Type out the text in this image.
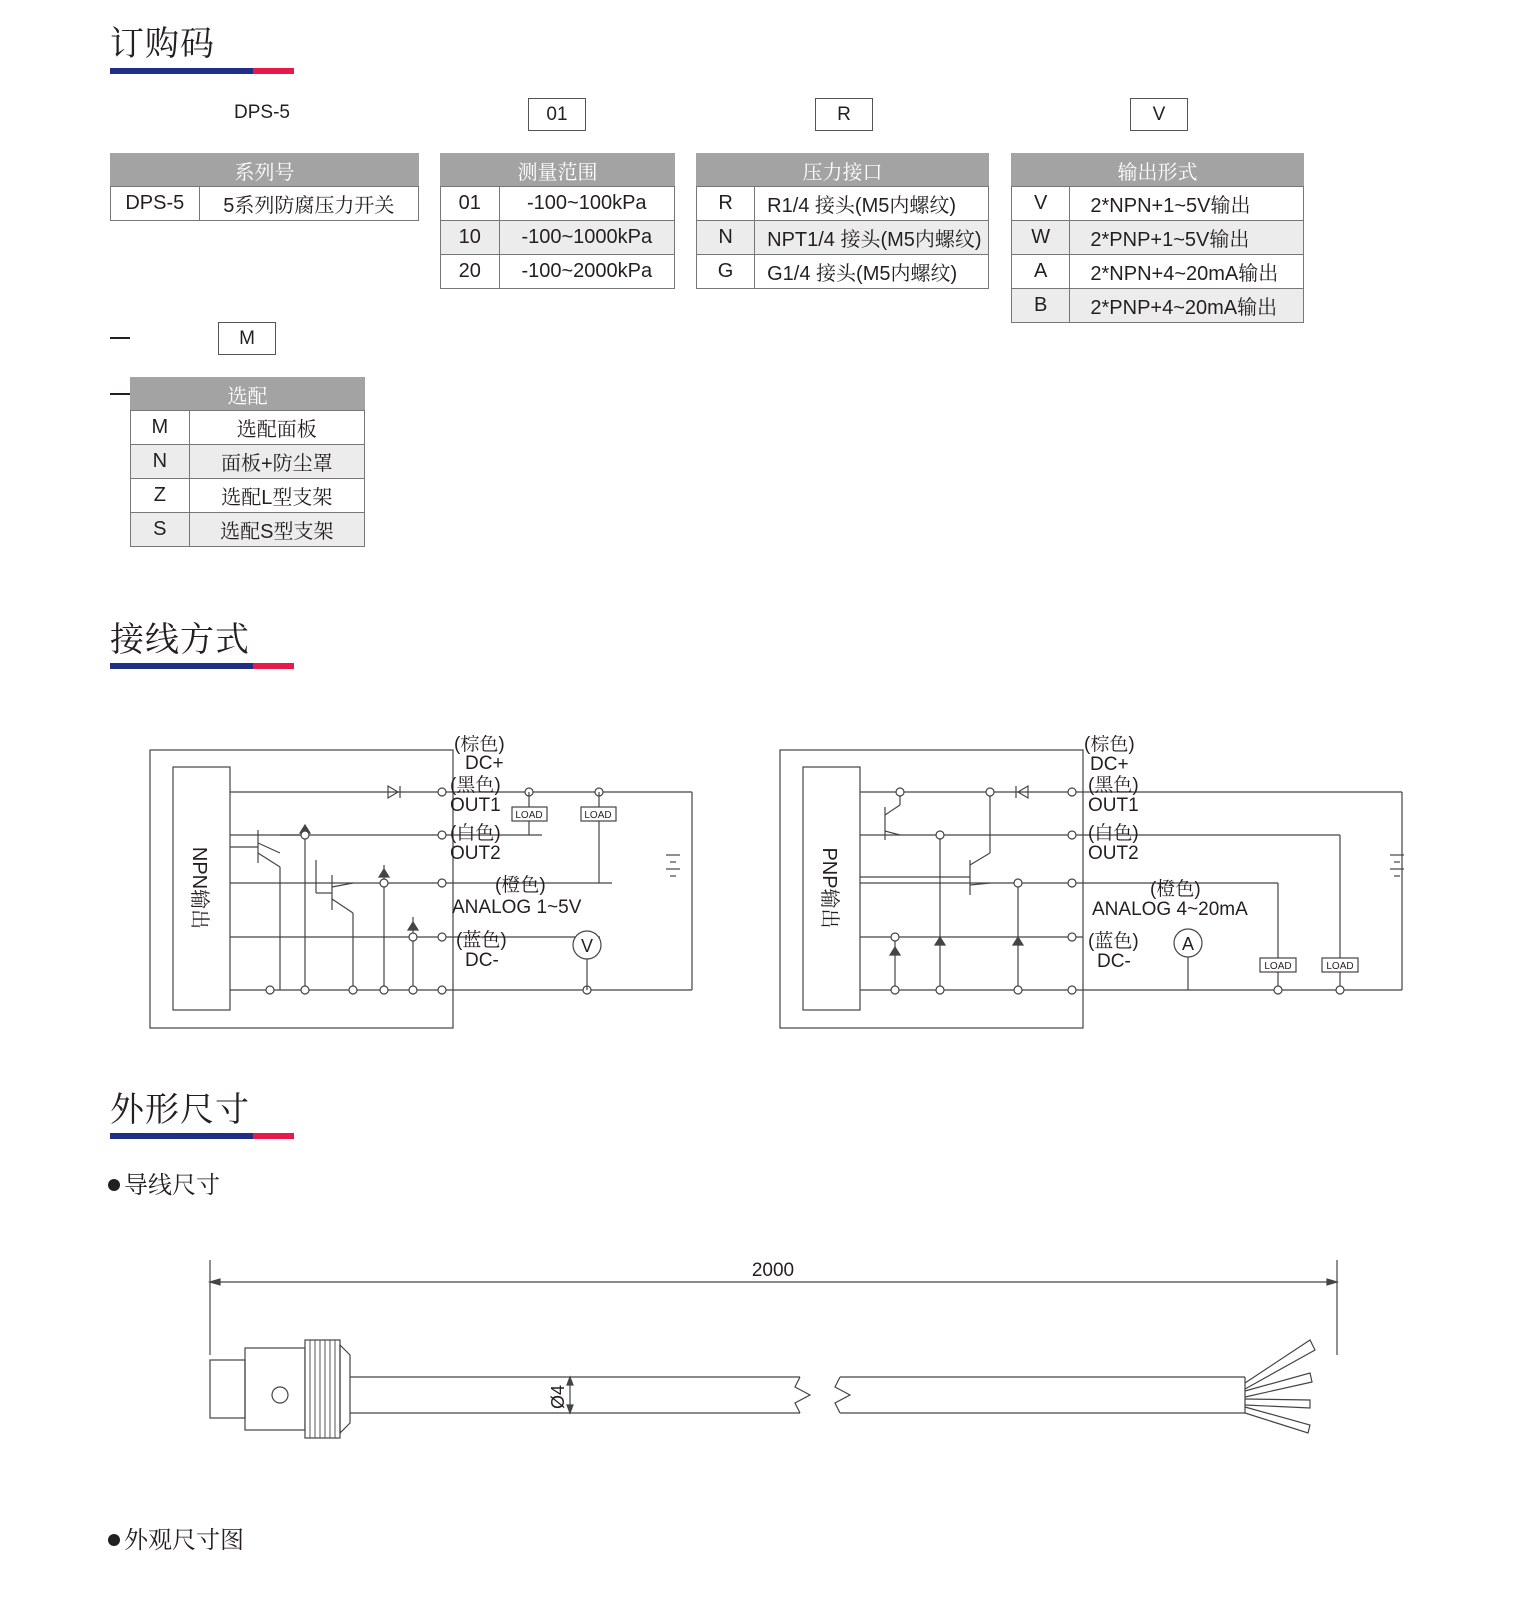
订购码
DPS-5	01	R	V
系列号
DPS-5	5系列防腐压力开关
测量范围	
01	-100~100kPa
10	-100~1000kPa
20	-100~2000kPa
压力接口	
R	R1/4 接头(M5内螺纹)
N	NPT1/4 接头(M5内螺纹)
G	G1/4 接头(M5内螺纹)
输出形式	
V	2*NPN+1~5V输出
W	2*PNP+1~5V输出
A	2*NPN+4~20mA输出
B	2*PNP+4~20mA输出
M
选配	
M	选配面板
N	面板+防尘罩
Z	选配L型支架
S	选配S型支架
接线方式
NPN输出
LOAD	LOAD
V
(棕色)
DC+
(黑色)
OUT1
(白色)
OUT2
(橙色)
ANALOG 1~5V
(蓝色)
DC-
PNP输出
LOAD	LOAD
A
(棕色)
DC+
(黑色)
OUT1
(白色)
OUT2
(橙色)
ANALOG 4~20mA
(蓝色)
DC-
外形尺寸
导线尺寸
2000
Ø4
外观尺寸图
